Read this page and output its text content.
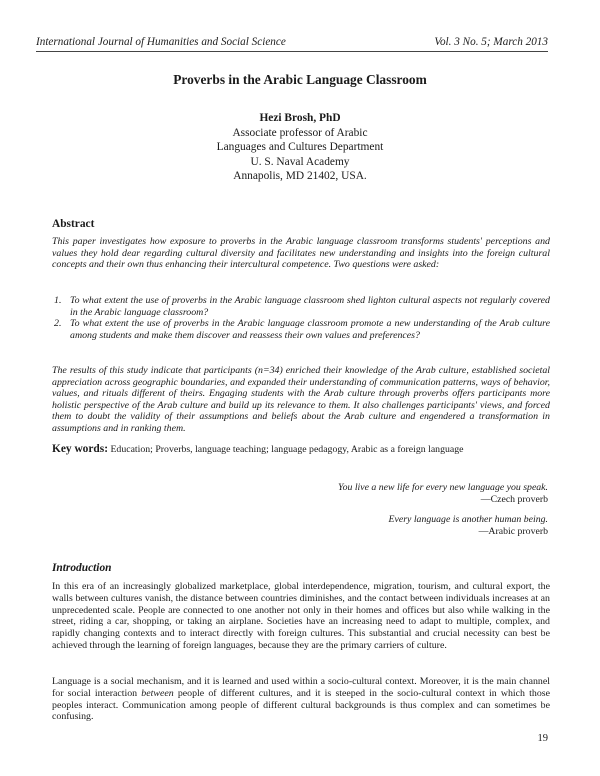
International Journal of Humanities and Social Science	Vol. 3 No. 5; March 2013
Proverbs in the Arabic Language Classroom
Hezi Brosh, PhD
Associate professor of Arabic
Languages and Cultures Department
U. S. Naval Academy
Annapolis, MD 21402, USA.
Abstract

This paper investigates how exposure to proverbs in the Arabic language classroom transforms students' perceptions and values they hold dear regarding cultural diversity and facilitates new understanding and insights into the foreign cultural concepts and their own thus enhancing their intercultural competence. Two questions were asked:

1. To what extent the use of proverbs in the Arabic language classroom shed lighton cultural aspects not regularly covered in the Arabic language classroom?
2. To what extent the use of proverbs in the Arabic language classroom promote a new understanding of the Arab culture among students and make them discover and reassess their own values and preferences?

The results of this study indicate that participants (n=34) enriched their knowledge of the Arab culture, established societal appreciation across geographic boundaries, and expanded their understanding of communication patterns, ways of behavior, values, and rituals different of theirs. Engaging students with the Arab culture through proverbs offers participants more holistic perspective of the Arab culture and build up its relevance to them. It also challenges participants' views, and forced them to doubt the validity of their assumptions and beliefs about the Arab culture and engendered a transformation in assumptions and in ranking them.

Key words: Education; Proverbs, language teaching; language pedagogy, Arabic as a foreign language
You live a new life for every new language you speak.
—Czech proverb
Every language is another human being.
—Arabic proverb
Introduction

In this era of an increasingly globalized marketplace, global interdependence, migration, tourism, and cultural export, the walls between cultures vanish, the distance between countries diminishes, and the contact between individuals increases at an unprecedented scale. People are connected to one another not only in their homes and offices but also while walking in the street, riding a car, shopping, or taking an airplane. Societies have an increasing need to adapt to multiple, complex, and rapidly changing contexts and to interact directly with foreign cultures. This substantial and crucial necessity can best be achieved through the learning of foreign languages, because they are the primary carriers of culture.

Language is a social mechanism, and it is learned and used within a socio-cultural context. Moreover, it is the main channel for social interaction between people of different cultures, and it is steeped in the socio-cultural context in which those peoples interact. Communication among people of different cultural backgrounds is thus complex and can sometimes be confusing.

19
